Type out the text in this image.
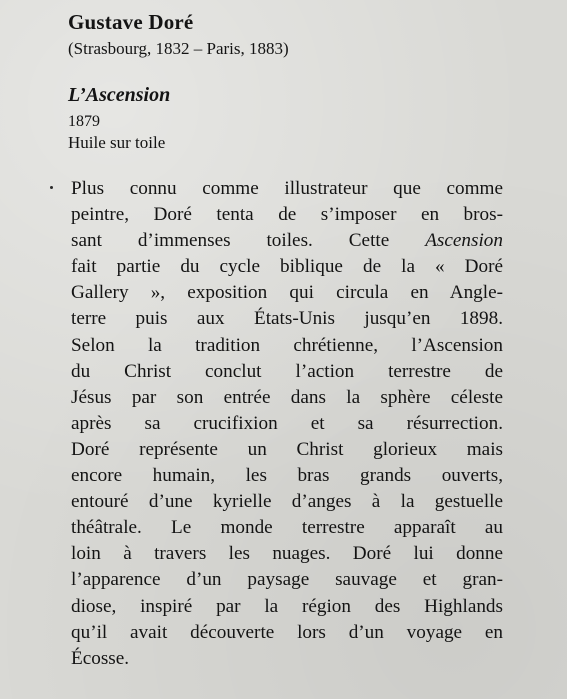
Gustave Doré

(Strasbourg, 1832 – Paris, 1883)

L’Ascension

1879

Huile sur toile

Plus connu comme illustrateur que comme
peintre, Doré tenta de s’imposer en bros-
sant d’immenses toiles. Cette Ascension
fait partie du cycle biblique de la « Doré
Gallery », exposition qui circula en Angle-
terre puis aux États-Unis jusqu’en 1898.
Selon la tradition chrétienne, l’Ascension
du Christ conclut l’action terrestre de
Jésus par son entrée dans la sphère céleste
après sa crucifixion et sa résurrection.
Doré représente un Christ glorieux mais
encore humain, les bras grands ouverts,
entouré d’une kyrielle d’anges à la gestuelle
théâtrale. Le monde terrestre apparaît au
loin à travers les nuages. Doré lui donne
l’apparence d’un paysage sauvage et gran-
diose, inspiré par la région des Highlands
qu’il avait découverte lors d’un voyage en
Écosse.
